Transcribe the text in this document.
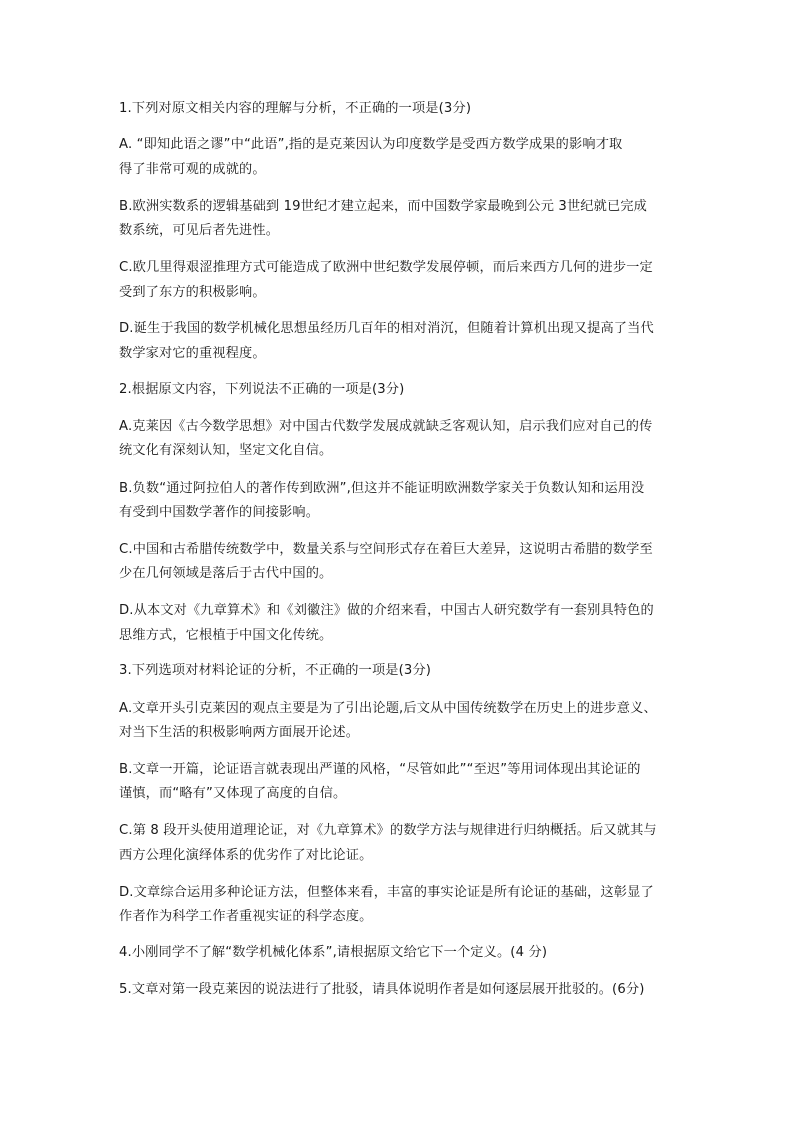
1.下列对原文相关内容的理解与分析，不正确的一项是(3分)
A. “即知此语之谬”中“此语”,指的是克莱因认为印度数学是受西方数学成果的影响才取
得了非常可观的成就的。
B.欧洲实数系的逻辑基础到 19世纪才建立起来，而中国数学家最晚到公元 3世纪就已完成
数系统，可见后者先进性。
C.欧几里得艰涩推理方式可能造成了欧洲中世纪数学发展停顿，而后来西方几何的进步一定
受到了东方的积极影响。
D.诞生于我国的数学机械化思想虽经历几百年的相对消沉，但随着计算机出现又提高了当代
数学家对它的重视程度。
2.根据原文内容，下列说法不正确的一项是(3分)
A.克莱因《古今数学思想》对中国古代数学发展成就缺乏客观认知，启示我们应对自己的传
统文化有深刻认知，坚定文化自信。
B.负数“通过阿拉伯人的著作传到欧洲”,但这并不能证明欧洲数学家关于负数认知和运用没
有受到中国数学著作的间接影响。
C.中国和古希腊传统数学中，数量关系与空间形式存在着巨大差异，这说明古希腊的数学至
少在几何领域是落后于古代中国的。
D.从本文对《九章算术》和《刘徽注》做的介绍来看，中国古人研究数学有一套别具特色的
思维方式，它根植于中国文化传统。
3.下列选项对材料论证的分析，不正确的一项是(3分)
A.文章开头引克莱因的观点主要是为了引出论题,后文从中国传统数学在历史上的进步意义、
对当下生活的积极影响两方面展开论述。
B.文章一开篇，论证语言就表现出严谨的风格，“尽管如此”“至迟”等用词体现出其论证的
谨慎，而“略有”又体现了高度的自信。
C.第 8 段开头使用道理论证，对《九章算术》的数学方法与规律进行归纳概括。后又就其与
西方公理化演绎体系的优劣作了对比论证。
D.文章综合运用多种论证方法，但整体来看，丰富的事实论证是所有论证的基础，这彰显了
作者作为科学工作者重视实证的科学态度。
4.小刚同学不了解“数学机械化体系”,请根据原文给它下一个定义。(4 分)
5.文章对第一段克莱因的说法进行了批驳，请具体说明作者是如何逐层展开批驳的。(6分)
